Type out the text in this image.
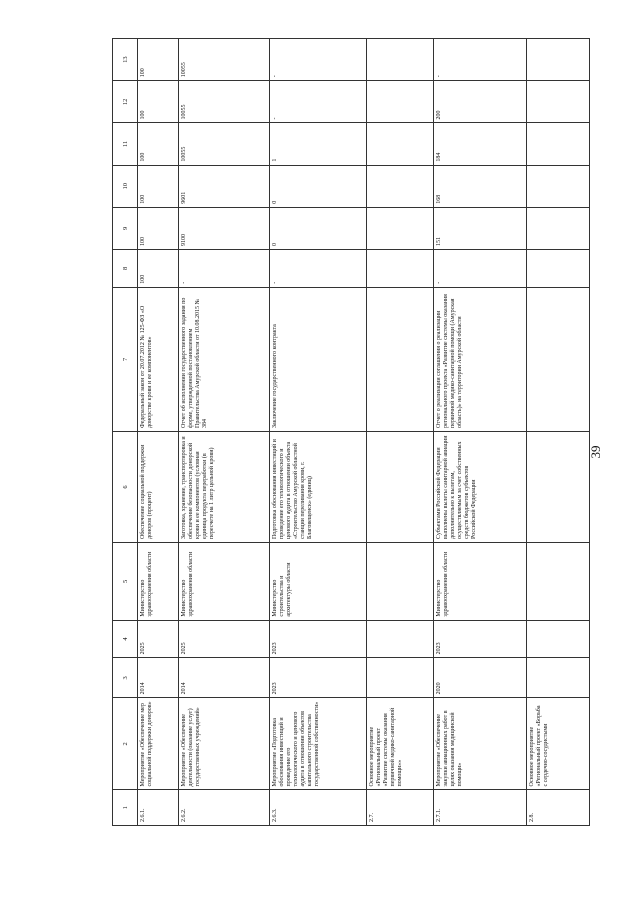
39
1	2	3	4	5	6	7	8	9	10	11	12	13
2.6.1.	Мероприятие «Обеспечение мер социальной поддержки доноров»	2014	2025	Министерство здравоохранения области	Обеспечение социальной поддержки доноров (процент)	Федеральный закон от 20.07.2012 № 125-ФЗ «О донорстве крови и ее компонентов»	100	100	100	100	100	100
2.6.2.	Мероприятие «Обеспечение деятельности (оказание услуг) государственных учреждений»	2014	2025	Министерство здравоохранения области	Заготовка, хранение, транспортировка и обеспечение безопасности донорской крови и ее компонентов (условная единица продукта переработки (в пересчете на 1 литр цельной крови)	Отчет об исполнении государственного задания по форме, утвержденной постановлением Правительства Амурской области от 10.08.2015 № 384	-	9100	9601	10055	10055	10055
2.6.3.	Мероприятие «Подготовка обоснования инвестиций и проведение его технологического и ценового аудита в отношении объектов капитального строительства государственной собственности»	2023	2023	Министерство строительства и архитектуры области	Подготовка обоснования инвестиций и проведение его технологического и ценового аудита в отношении объекта «Строительство Амурской областной станции переливания крови, г. Благовещенск» (единиц)	Заключение государственного контракта	-	0	0	1	-	-
2.7.	Основное мероприятие «Региональный проект «Развитие системы оказания первичной медико-санитарной помощи»»											
2.7.1.	Мероприятие «Обеспечение закупки авиационных работ в целях оказания медицинской помощи»	2020	2023	Министерство здравоохранения области	Субъектами Российской Федерации выполнены вылеты санитарной авиации дополнительно к вылетам, осуществляемым за счет собственных средств бюджетов субъектов Российской Федерации	Отчет о реализации соглашения о реализации регионального проекта «Развитие системы оказания первичной медико-санитарной помощи (Амурская область)» на территории Амурской области	-	151	168	184	200	-
2.8.	Основное мероприятие «Региональный проект «Борьба с сердечно-сосудистыми											
